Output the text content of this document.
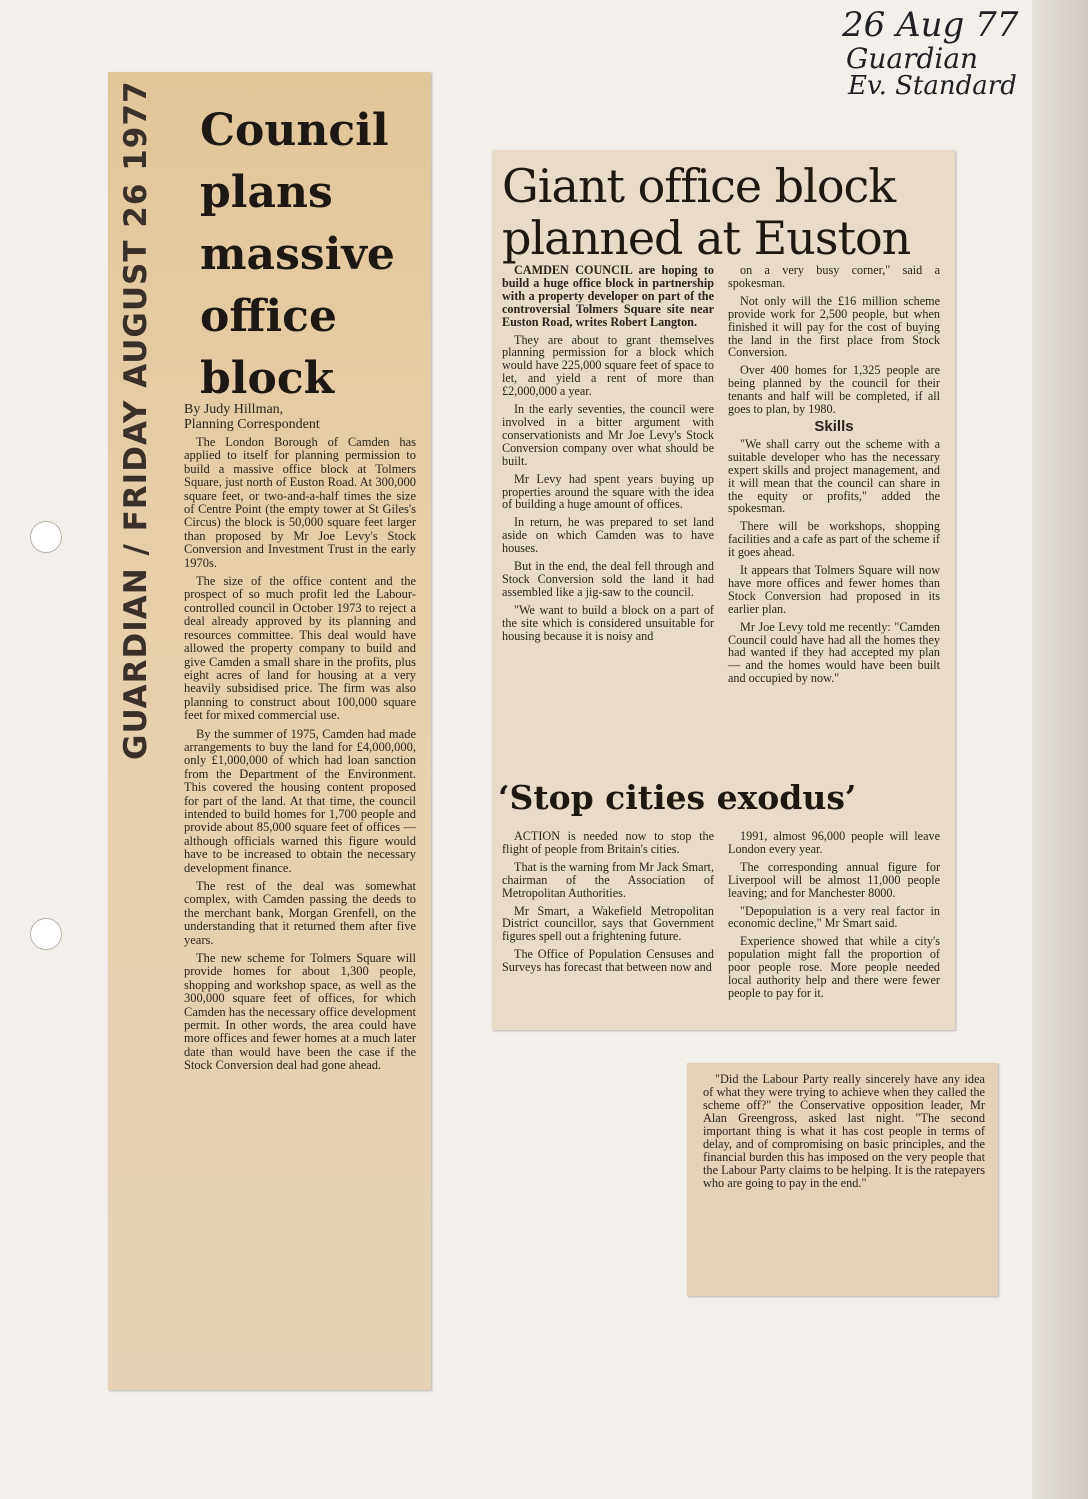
26 Aug 77
Guardian
Ev. Standard
GUARDIAN / FRIDAY AUGUST 26 1977 Council plans massive office block
By Judy Hillman,
Planning Correspondent

The London Borough of Camden has applied to itself for planning permission to build a massive office block at Tolmers Square, just north of Euston Road. At 300,000 square feet, or two-and-a-half times the size of Centre Point (the empty tower at St Giles's Circus) the block is 50,000 square feet larger than proposed by Mr Joe Levy's Stock Conversion and Investment Trust in the early 1970s.

The size of the office content and the prospect of so much profit led the Labour-controlled council in October 1973 to reject a deal already approved by its planning and resources committee. This deal would have allowed the property company to build and give Camden a small share in the profits, plus eight acres of land for housing at a very heavily subsidised price. The firm was also planning to construct about 100,000 square feet for mixed commercial use.

By the summer of 1975, Camden had made arrangements to buy the land for £4,000,000, only £1,000,000 of which had loan sanction from the Department of the Environment. This covered the housing content proposed for part of the land. At that time, the council intended to build homes for 1,700 people and provide about 85,000 square feet of offices — although officials warned this figure would have to be increased to obtain the necessary development finance.

The rest of the deal was somewhat complex, with Camden passing the deeds to the merchant bank, Morgan Grenfell, on the understanding that it returned them after five years.

The new scheme for Tolmers Square will provide homes for about 1,300 people, shopping and workshop space, as well as the 300,000 square feet of offices, for which Camden has the necessary office development permit. In other words, the area could have more offices and fewer homes at a much later date than would have been the case if the Stock Conversion deal had gone ahead.

Giant office block planned at Euston

CAMDEN COUNCIL are hoping to build a huge office block in partnership with a property developer on part of the controversial Tolmers Square site near Euston Road, writes Robert Langton.

They are about to grant themselves planning permission for a block which would have 225,000 square feet of space to let, and yield a rent of more than £2,000,000 a year.

In the early seventies, the council were involved in a bitter argument with conservationists and Mr Joe Levy's Stock Conversion company over what should be built.

Mr Levy had spent years buying up properties around the square with the idea of building a huge amount of offices.

In return, he was prepared to set land aside on which Camden was to have houses.

But in the end, the deal fell through and Stock Conversion sold the land it had assembled like a jig-saw to the council.

"We want to build a block on a part of the site which is considered unsuitable for housing because it is noisy and

on a very busy corner," said a spokesman.

Not only will the £16 million scheme provide work for 2,500 people, but when finished it will pay for the cost of buying the land in the first place from Stock Conversion.

Over 400 homes for 1,325 people are being planned by the council for their tenants and half will be completed, if all goes to plan, by 1980.

Skills

"We shall carry out the scheme with a suitable developer who has the necessary expert skills and project management, and it will mean that the council can share in the equity or profits," added the spokesman.

There will be workshops, shopping facilities and a cafe as part of the scheme if it goes ahead.

It appears that Tolmers Square will now have more offices and fewer homes than Stock Conversion had proposed in its earlier plan.

Mr Joe Levy told me recently: "Camden Council could have had all the homes they had wanted if they had accepted my plan — and the homes would have been built and occupied by now."

‘Stop cities exodus’

ACTION is needed now to stop the flight of people from Britain's cities.

That is the warning from Mr Jack Smart, chairman of the Association of Metropolitan Authorities.

Mr Smart, a Wakefield Metropolitan District councillor, says that Government figures spell out a frightening future.

The Office of Population Censuses and Surveys has forecast that between now and

1991, almost 96,000 people will leave London every year.

The corresponding annual figure for Liverpool will be almost 11,000 people leaving; and for Manchester 8000.

"Depopulation is a very real factor in economic decline," Mr Smart said.

Experience showed that while a city's population might fall the proportion of poor people rose. More people needed local authority help and there were fewer people to pay for it.

"Did the Labour Party really sincerely have any idea of what they were trying to achieve when they called the scheme off?" the Conservative opposition leader, Mr Alan Greengross, asked last night. "The second important thing is what it has cost people in terms of delay, and of compromising on basic principles, and the financial burden this has imposed on the very people that the Labour Party claims to be helping. It is the ratepayers who are going to pay in the end."
